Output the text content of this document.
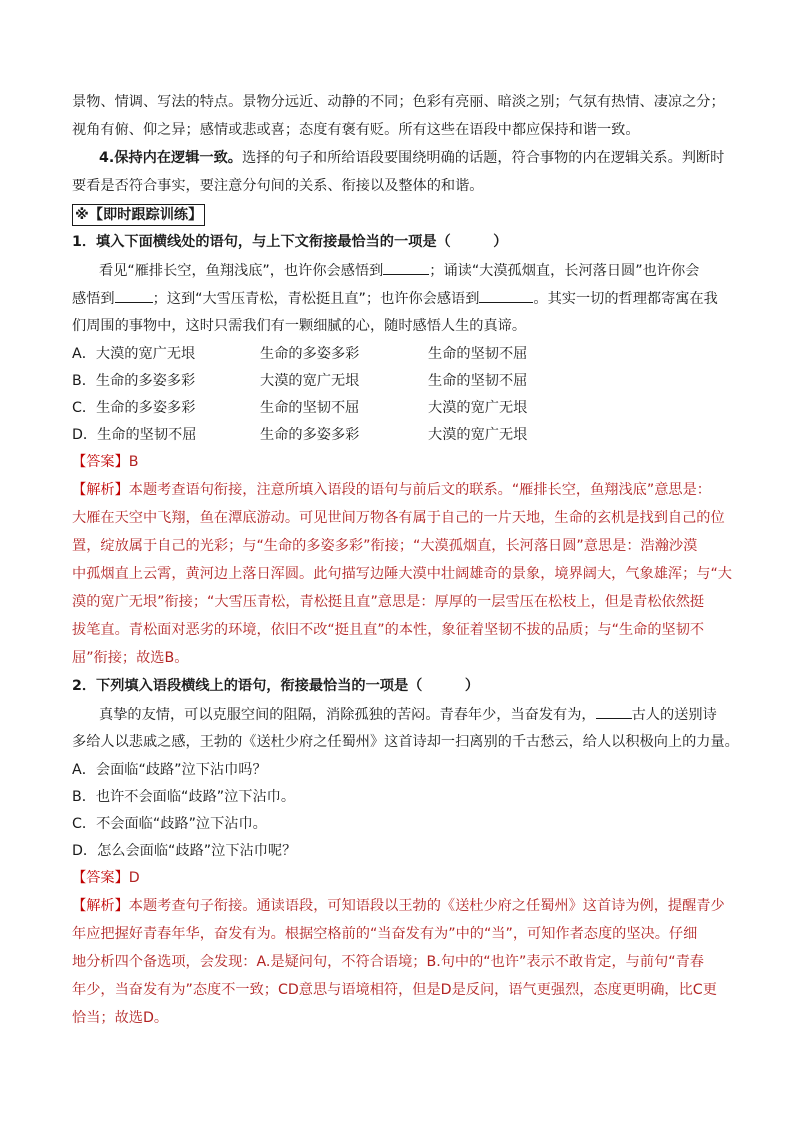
景物、情调、写法的特点。景物分远近、动静的不同；色彩有亮丽、暗淡之别；气氛有热情、凄凉之分；
视角有俯、仰之异；感情或悲或喜；态度有褒有贬。所有这些在语段中都应保持和谐一致。
4.保持内在逻辑一致。选择的句子和所给语段要围绕明确的话题，符合事物的内在逻辑关系。判断时
要看是否符合事实，要注意分句间的关系、衔接以及整体的和谐。
※【即时跟踪训练】
1．填入下面横线处的语句，与上下文衔接最恰当的一项是（　　　）
看见“雁排长空，鱼翔浅底”，也许你会感悟到	；诵读“大漠孤烟直，长河落日圆”也许你会
感悟到	；这到“大雪压青松，青松挺且直”；也许你会感语到	。其实一切的哲理都寄寓在我
们周围的事物中，这时只需我们有一颗细腻的心，随时感悟人生的真谛。
A．大漠的宽广无垠	生命的多姿多彩	生命的坚韧不屈
B．生命的多姿多彩	大漠的宽广无垠	生命的坚韧不屈
C．生命的多姿多彩	生命的坚韧不屈	大漠的宽广无垠
D．生命的坚韧不屈	生命的多姿多彩	大漠的宽广无垠
【答案】B
【解析】本题考查语句衔接，注意所填入语段的语句与前后文的联系。“雁排长空，鱼翔浅底”意思是：
大雁在天空中飞翔，鱼在潭底游动。可见世间万物各有属于自己的一片天地，生命的玄机是找到自己的位
置，绽放属于自己的光彩；与“生命的多姿多彩”衔接；“大漠孤烟直，长河落日圆”意思是：浩瀚沙漠
中孤烟直上云霄，黄河边上落日浑圆。此句描写边陲大漠中壮阔雄奇的景象，境界阔大，气象雄浑；与“大
漠的宽广无垠”衔接；“大雪压青松，青松挺且直”意思是：厚厚的一层雪压在松枝上，但是青松依然挺
拔笔直。青松面对恶劣的环境，依旧不改“挺且直”的本性，象征着坚韧不拔的品质；与“生命的坚韧不
屈”衔接；故选B。
2．下列填入语段横线上的语句，衔接最恰当的一项是（　　　）
真挚的友情，可以克服空间的阻隔，消除孤独的苦闷。青春年少，当奋发有为，	古人的送别诗
多给人以悲戚之感，王勃的《送杜少府之任蜀州》这首诗却一扫离别的千古愁云，给人以积极向上的力量。
A．会面临“歧路”泣下沾巾吗？
B．也许不会面临“歧路”泣下沾巾。
C．不会面临“歧路”泣下沾巾。
D．怎么会面临“歧路”泣下沾巾呢？
【答案】D
【解析】本题考查句子衔接。通读语段，可知语段以王勃的《送杜少府之任蜀州》这首诗为例，提醒青少
年应把握好青春年华，奋发有为。根据空格前的“当奋发有为”中的“当”，可知作者态度的坚决。仔细
地分析四个备选项，会发现：A.是疑问句，不符合语境；B.句中的“也许”表示不敢肯定，与前句“青春
年少，当奋发有为”态度不一致；CD意思与语境相符，但是D是反问，语气更强烈，态度更明确，比C更
恰当；故选D。
